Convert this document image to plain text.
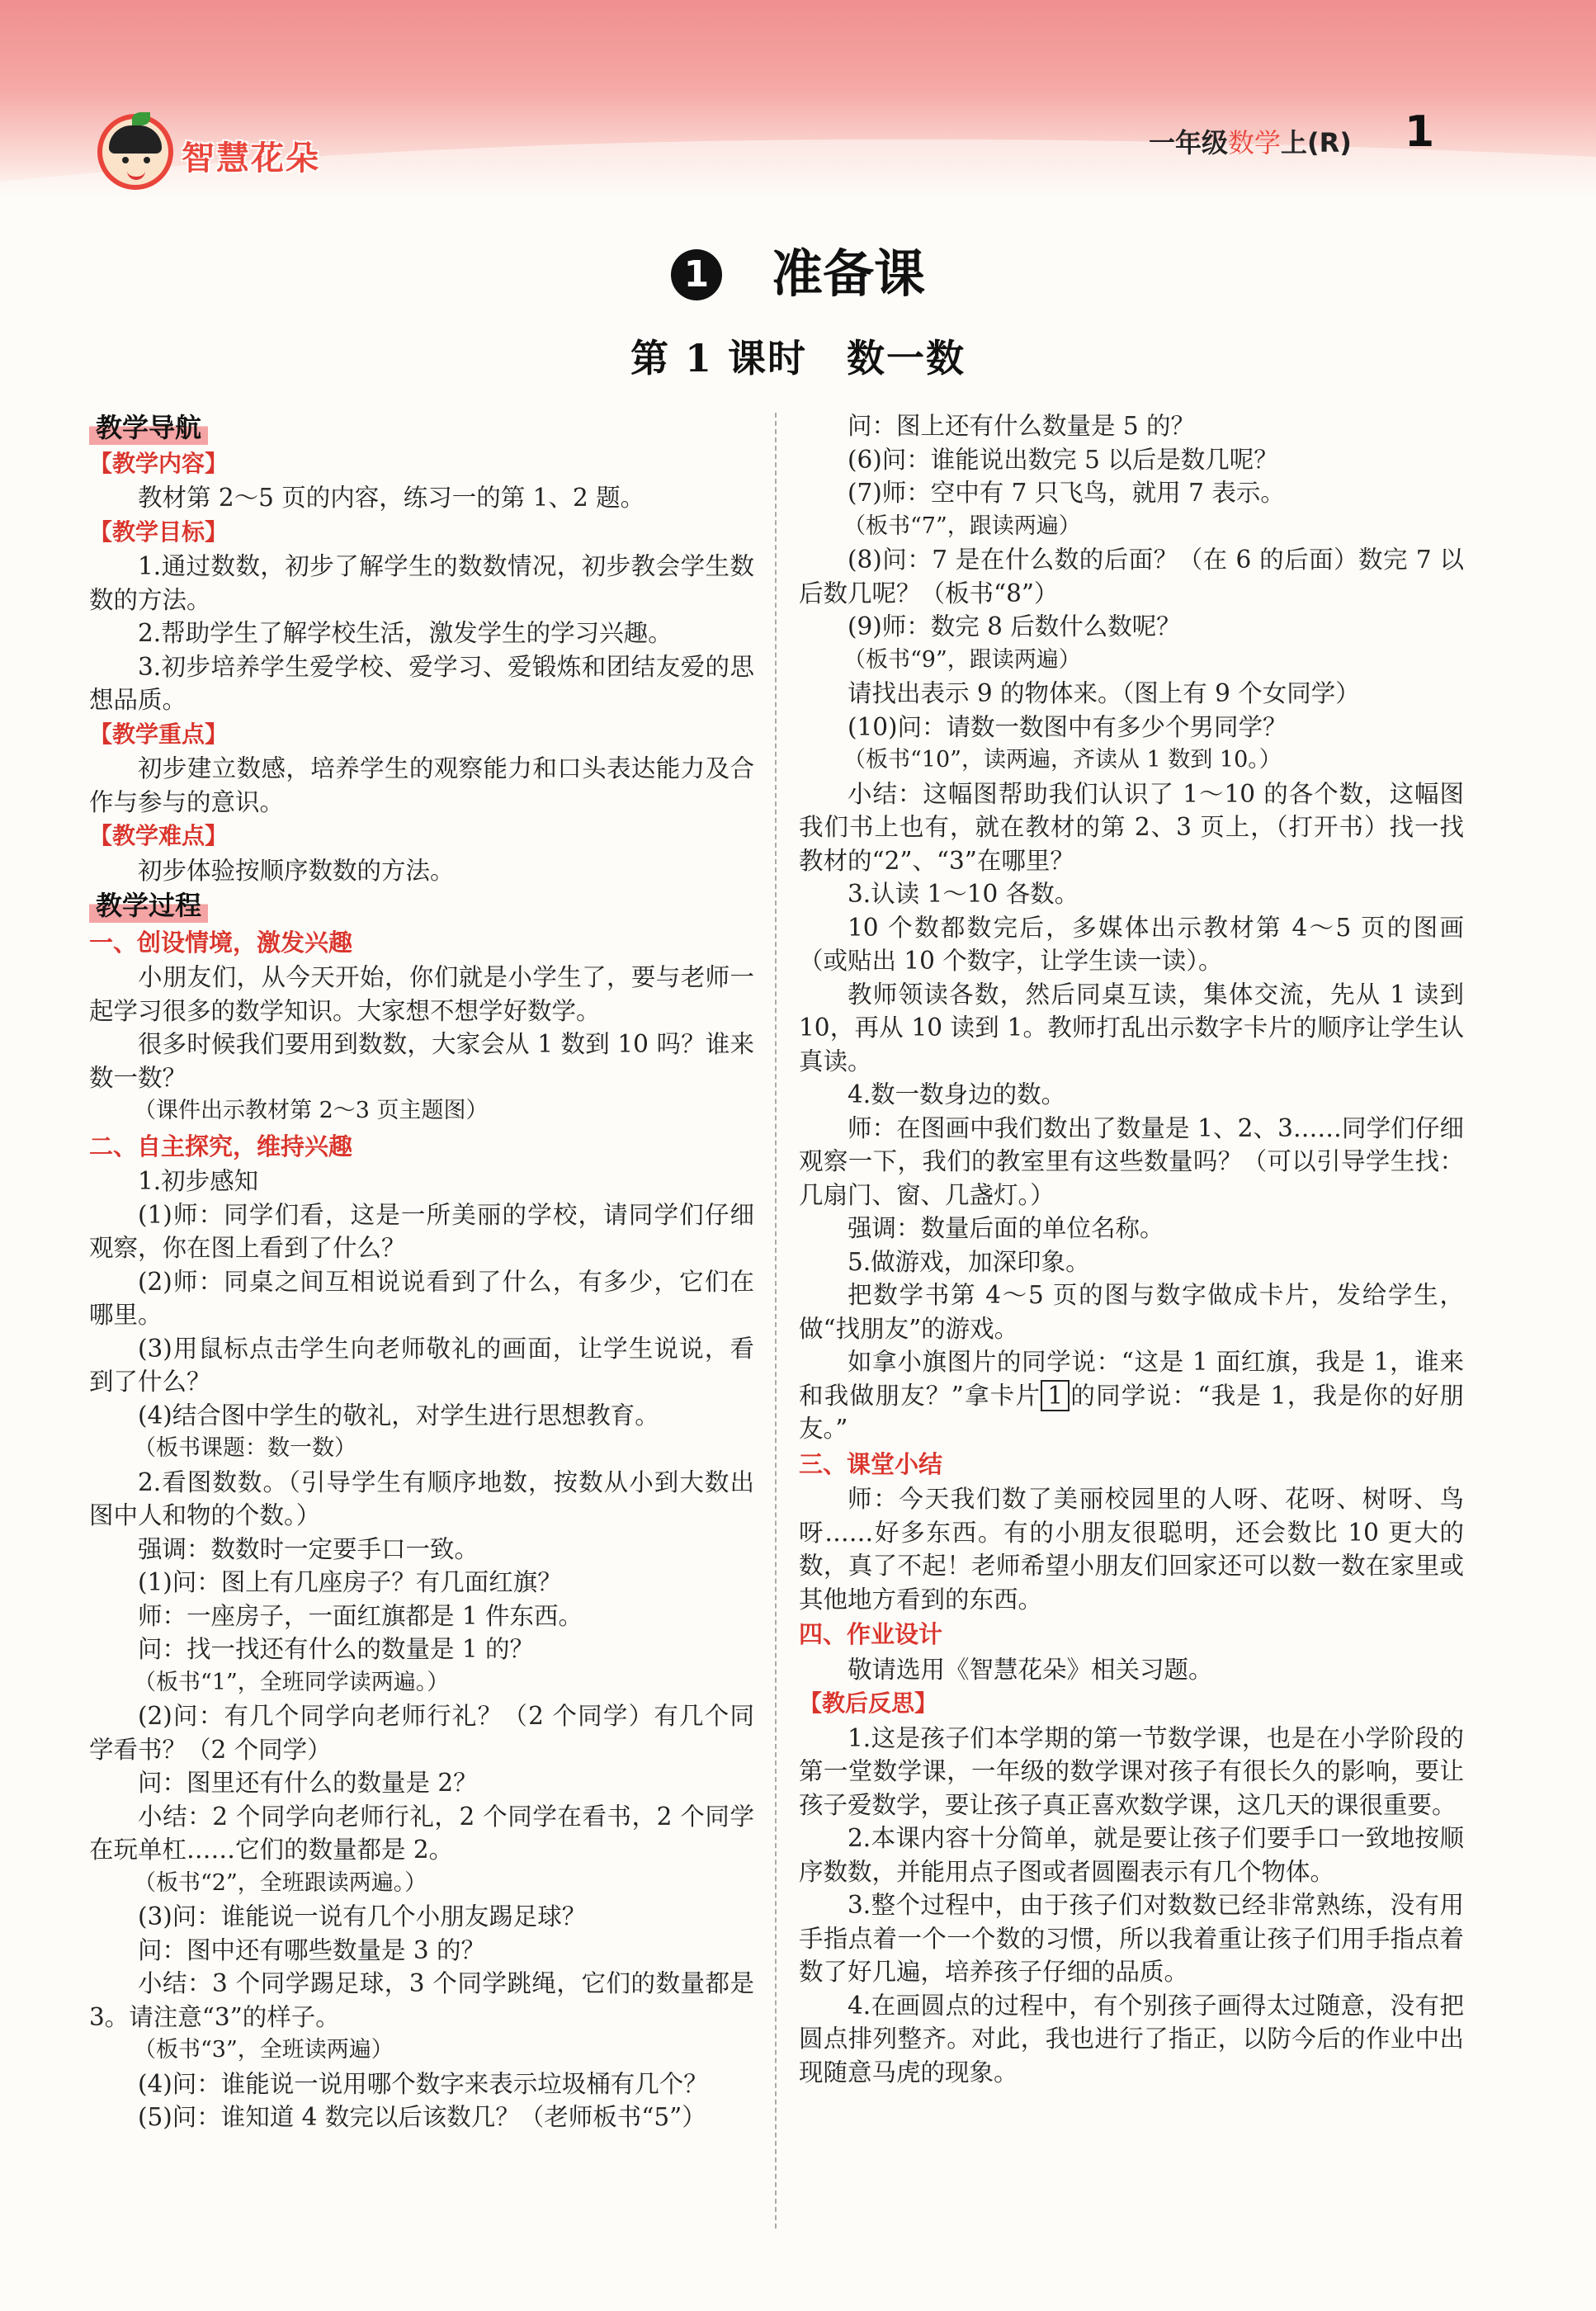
智慧花朵	一年级数学上(R) 1
1 准备课
第 1 课时　数一数
教学导航
【教学内容】

教材第 2～5 页的内容，练习一的第 1、2 题。

【教学目标】

1.通过数数，初步了解学生的数数情况，初步教会学生数数的方法。

2.帮助学生了解学校生活，激发学生的学习兴趣。

3.初步培养学生爱学校、爱学习、爱锻炼和团结友爱的思想品质。

【教学重点】

初步建立数感，培养学生的观察能力和口头表达能力及合作与参与的意识。

【教学难点】

初步体验按顺序数数的方法。

教学过程

一、创设情境，激发兴趣

小朋友们，从今天开始，你们就是小学生了，要与老师一起学习很多的数学知识。大家想不想学好数学。

很多时候我们要用到数数，大家会从 1 数到 10 吗？谁来数一数？

（课件出示教材第 2～3 页主题图）

二、自主探究，维持兴趣

1.初步感知

(1)师：同学们看，这是一所美丽的学校，请同学们仔细观察，你在图上看到了什么？

(2)师：同桌之间互相说说看到了什么，有多少，它们在哪里。

(3)用鼠标点击学生向老师敬礼的画面，让学生说说，看到了什么？

(4)结合图中学生的敬礼，对学生进行思想教育。

（板书课题：数一数）

2.看图数数。（引导学生有顺序地数，按数从小到大数出图中人和物的个数。）

强调：数数时一定要手口一致。

(1)问：图上有几座房子？有几面红旗？

师：一座房子，一面红旗都是 1 件东西。

问：找一找还有什么的数量是 1 的？

（板书“1”，全班同学读两遍。）

(2)问：有几个同学向老师行礼？（2 个同学）有几个同学看书？（2 个同学）

问：图里还有什么的数量是 2？

小结：2 个同学向老师行礼，2 个同学在看书，2 个同学在玩单杠……它们的数量都是 2。

（板书“2”，全班跟读两遍。）

(3)问：谁能说一说有几个小朋友踢足球？

问：图中还有哪些数量是 3 的？

小结：3 个同学踢足球，3 个同学跳绳，它们的数量都是 3。请注意“3”的样子。

（板书“3”，全班读两遍）

(4)问：谁能说一说用哪个数字来表示垃圾桶有几个？

(5)问：谁知道 4 数完以后该数几？（老师板书“5”）

问：图上还有什么数量是 5 的？

(6)问：谁能说出数完 5 以后是数几呢？

(7)师：空中有 7 只飞鸟，就用 7 表示。

（板书“7”，跟读两遍）

(8)问：7 是在什么数的后面？（在 6 的后面）数完 7 以后数几呢？（板书“8”）

(9)师：数完 8 后数什么数呢？

（板书“9”，跟读两遍）

请找出表示 9 的物体来。（图上有 9 个女同学）

(10)问：请数一数图中有多少个男同学？

（板书“10”，读两遍，齐读从 1 数到 10。）

小结：这幅图帮助我们认识了 1～10 的各个数，这幅图我们书上也有，就在教材的第 2、3 页上，（打开书）找一找教材的“2”、“3”在哪里？

3.认读 1～10 各数。

10 个数都数完后，多媒体出示教材第 4～5 页的图画（或贴出 10 个数字，让学生读一读）。

教师领读各数，然后同桌互读，集体交流，先从 1 读到 10，再从 10 读到 1。教师打乱出示数字卡片的顺序让学生认真读。

4.数一数身边的数。

师：在图画中我们数出了数量是 1、2、3……同学们仔细观察一下，我们的教室里有这些数量吗？（可以引导学生找：几扇门、窗、几盏灯。）

强调：数量后面的单位名称。

5.做游戏，加深印象。

把数学书第 4～5 页的图与数字做成卡片，发给学生，做“找朋友”的游戏。

如拿小旗图片的同学说：“这是 1 面红旗，我是 1，谁来和我做朋友？”拿卡片 1 的同学说：“我是 1，我是你的好朋友。”

三、课堂小结

师：今天我们数了美丽校园里的人呀、花呀、树呀、鸟呀……好多东西。有的小朋友很聪明，还会数比 10 更大的数，真了不起！老师希望小朋友们回家还可以数一数在家里或其他地方看到的东西。

四、作业设计

敬请选用《智慧花朵》相关习题。

【教后反思】

1.这是孩子们本学期的第一节数学课，也是在小学阶段的第一堂数学课，一年级的数学课对孩子有很长久的影响，要让孩子爱数学，要让孩子真正喜欢数学课，这几天的课很重要。

2.本课内容十分简单，就是要让孩子们要手口一致地按顺序数数，并能用点子图或者圆圈表示有几个物体。

3.整个过程中，由于孩子们对数数已经非常熟练，没有用手指点着一个一个数的习惯，所以我着重让孩子们用手指点着数了好几遍，培养孩子仔细的品质。

4.在画圆点的过程中，有个别孩子画得太过随意，没有把圆点排列整齐。对此，我也进行了指正，以防今后的作业中出现随意马虎的现象。
